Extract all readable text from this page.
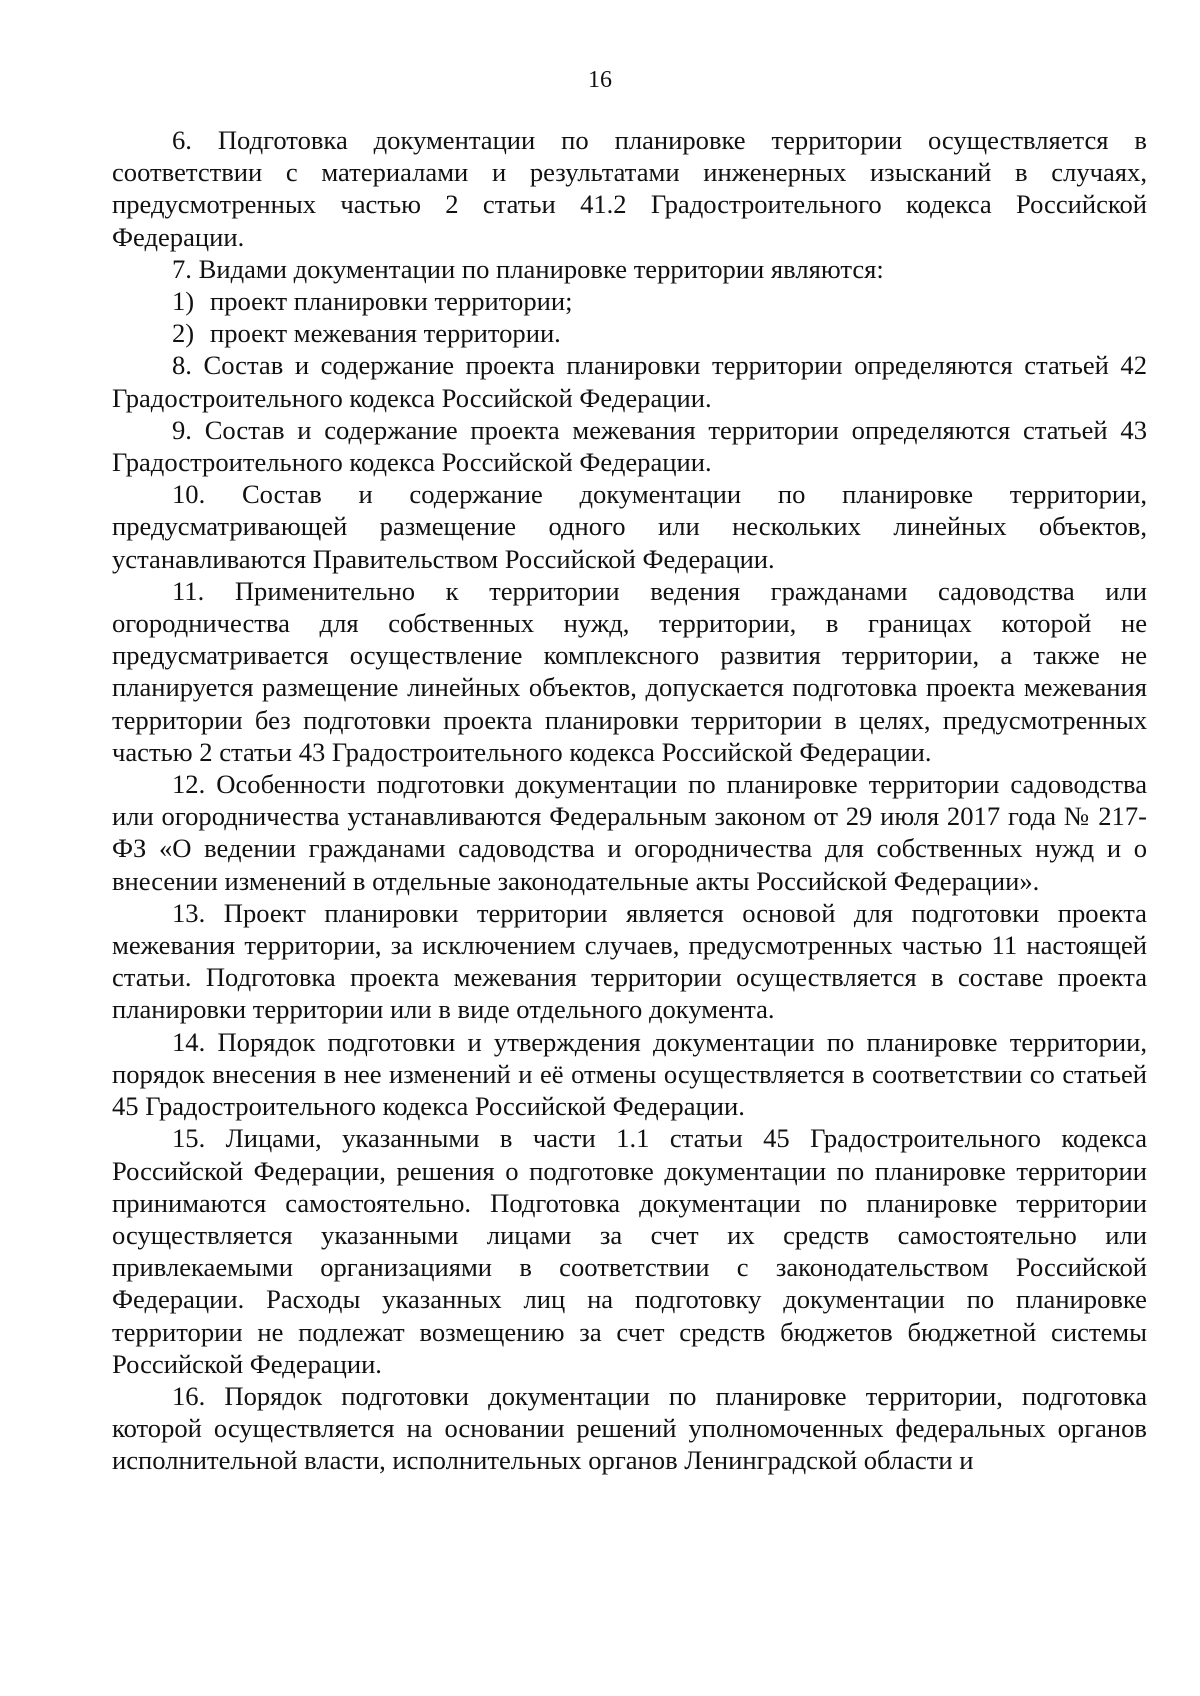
16

6. Подготовка документации по планировке территории осуществляется в соответствии с материалами и результатами инженерных изысканий в случаях, предусмотренных частью 2 статьи 41.2 Градостроительного кодекса Российской Федерации.

7. Видами документации по планировке территории являются:

1) проект планировки территории;

2) проект межевания территории.

8. Состав и содержание проекта планировки территории определяются статьей 42 Градостроительного кодекса Российской Федерации.

9. Состав и содержание проекта межевания территории определяются статьей 43 Градостроительного кодекса Российской Федерации.

10. Состав и содержание документации по планировке территории, предусматривающей размещение одного или нескольких линейных объектов, устанавливаются Правительством Российской Федерации.

11. Применительно к территории ведения гражданами садоводства или огородничества для собственных нужд, территории, в границах которой не предусматривается осуществление комплексного развития территории, а также не планируется размещение линейных объектов, допускается подготовка проекта межевания территории без подготовки проекта планировки территории в целях, предусмотренных частью 2 статьи 43 Градостроительного кодекса Российской Федерации.

12. Особенности подготовки документации по планировке территории садоводства или огородничества устанавливаются Федеральным законом от 29 июля 2017 года № 217-ФЗ «О ведении гражданами садоводства и огородничества для собственных нужд и о внесении изменений в отдельные законодательные акты Российской Федерации».

13. Проект планировки территории является основой для подготовки проекта межевания территории, за исключением случаев, предусмотренных частью 11 настоящей статьи. Подготовка проекта межевания территории осуществляется в составе проекта планировки территории или в виде отдельного документа.

14. Порядок подготовки и утверждения документации по планировке территории, порядок внесения в нее изменений и её отмены осуществляется в соответствии со статьей 45 Градостроительного кодекса Российской Федерации.

15. Лицами, указанными в части 1.1 статьи 45 Градостроительного кодекса Российской Федерации, решения о подготовке документации по планировке территории принимаются самостоятельно. Подготовка документации по планировке территории осуществляется указанными лицами за счет их средств самостоятельно или привлекаемыми организациями в соответствии с законодательством Российской Федерации. Расходы указанных лиц на подготовку документации по планировке территории не подлежат возмещению за счет средств бюджетов бюджетной системы Российской Федерации.

16. Порядок подготовки документации по планировке территории, подготовка которой осуществляется на основании решений уполномоченных федеральных органов исполнительной власти, исполнительных органов Ленинградской области и
